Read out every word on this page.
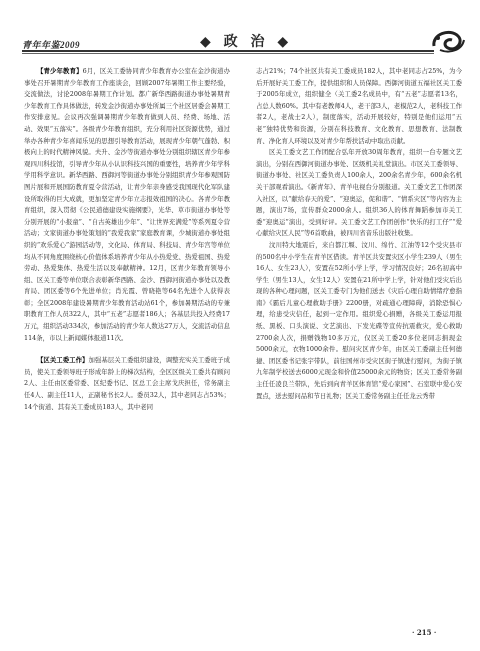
青年年鉴2009	◆ 政 治 ◆

【青少年教育】6月，区关工委协同青少年教育办公室在金沙街道办事处召开暑期青少年教育工作座谈会，回顾2007年暑期工作主要经验，交流做法，讨论2008年暑期工作计划。都广新华西路街道办事处暑期青少年教育工作具体做法，转发金沙街道办事处所属三个社区居委会暑期工作安排意见。会议再次强调暑期青少年教育做到人员、经费、场地、活动、效果“五落实”。各级青少年教育组织，充分利用社区资源优势，通过举办各种青少年喜闻乐见的思想引导教育活动，展现青少年朝气蓬勃、积极向上的时代精神风貌。夫升、金沙等街道办事处分别组织辖区青少年参观四川科技馆，引导青少年从小认识科技兴国的重要性，培养青少年学科学用科学意识。新华西路、西御河等街道办事处分别组织青少年参观国防图片展和开展国防教育夏令营活动，让青少年亲身感受我国现代化军队建设所取得的巨大成就，更加坚定青少年立志报效祖国的决心。各青少年教育组织，深入贯彻《公民道德建设实施纲要》，光华、草市街道办事处等分别开展的“小报童”、“自古英雄出少年”、“让世界充满爱”等系列夏令营活动；文家街道办事处策划的“我爱我家”家庭教育课，少城街道办事处组织的“欢乐爱心”游园活动等，文化局、体育局、科技局、青少年宫等单位均从不同角度围绕核心价值体系培养青少年从小热爱党、热爱祖国、热爱劳动、热爱集体、热爱生活以及奉献精神。12月，区青少年教育领导小组、区关工委等单位联合表彰新华西路、金沙、西御河街道办事处以及教育局、团区委等6个先进单位；肖光霞、曾晓艳等64名先进个人获得表彰；全区2008年建设暑期青少年教育活动站61个，参加暑期活动的专兼职教育工作人员322人，其中“五老”志愿者186人；各基层共投入经费17万元，组织活动334次，参加活动的青少年人数达27万人，交流活动信息114条，市以上新闻媒体报道11次。

【区关工委工作】加强基层关工委组织建设，调整充实关工委班子成员，使关工委领导班子形成年龄上的梯次结构，全区区级关工委共有顾问2人、主任由区委常委、区纪委书记、区总工会主席戈庆担任，常务副主任4人、副主任11人，正副秘书长2人。委员32人，其中老同志占53%；14个街道、其有关工委成员183人，其中老同

志占21%；74个社区共有关工委成员182人，其中老同志占25%，为今后开展好关工委工作，提供组织和人员保障。西御河街道五福社区关工委于2005年成立，组织健全（关工委2名成员中，有“五老”志愿者13名，占总人数60%。其中有老教师4人，老干部3人，老模范2人，老科技工作者2人，老战士2人），制度落实，活动开展较好，特别是他们运用“五老”独特优势和资源，分别在科技教育、文化教育、思想教育、法制教育、净化育人环境以及对青少年帮扶活动中取出贡献。

区关工委文艺工作团配合弘年开放30周年教育，组织一台专题文艺演出，分别在西御河街道办事处、区级机关礼堂演出。市区关工委领导、街道办事处、社区关工委负责人100余人，200余名青少年，600余名机关干部观看演出。《新青年》、青羊电视台分别报道。关工委文艺工作团深入社区，以“献给春天的爱”、“迎奥运，促和谐”、“情系灾区”等内容为主题，演出7场，宣传群众2000余人。组织36人的体育舞蹈参加市关工委“迎奥运”演出，受到好评。关工委文艺工作团创作“快乐的打工仔”“爱心献给灾区人民”等6首歌曲，被四川省音乐出版社收集。

汶川特大地震后，来自都江堰、汶川、绵竹、江油等12个受灾县市的500名中小学生在青羊区借读。青羊区共安置灾区小学生239人（男生16人、女生23人），安置在52所小学上学，学习情况良好；26名初高中学生（男生13人，女生12人）安置在21所中学上学，针对他们受灾后出现的各种心理问题，区关工委专门为他们送去《灾后心理自助情绪疗愈指南》《霸后儿童心理救助手册》2200册，对疏通心理障碍，消除恐惧心理，给患受灾信任，起到一定作用。组织爱心捐赠，各级关工委运用报纸、黑板、口头演说、文艺演出、下发光碟等宣传抗震救灾，爱心救助2700余人次，捐赠钱物10多万元，仅区关工委20多位老同志捐现金5000余元，衣物1000余件。慰问灾区青少年，由区关工委副主任何德捷、团区委书记张宇带队，前往国州市受灾区街子镇进行慰问，为街子镇九年制学校送去6000元现金和价值25000余元的物资；区关工委常务副主任任凌良兰带队，先后到向青羊区体育馆“爱心家园”、石室联中爱心安置点，送去慰问品和节日礼物；区关工委常务副主任任龙云秀带

· 215 ·
